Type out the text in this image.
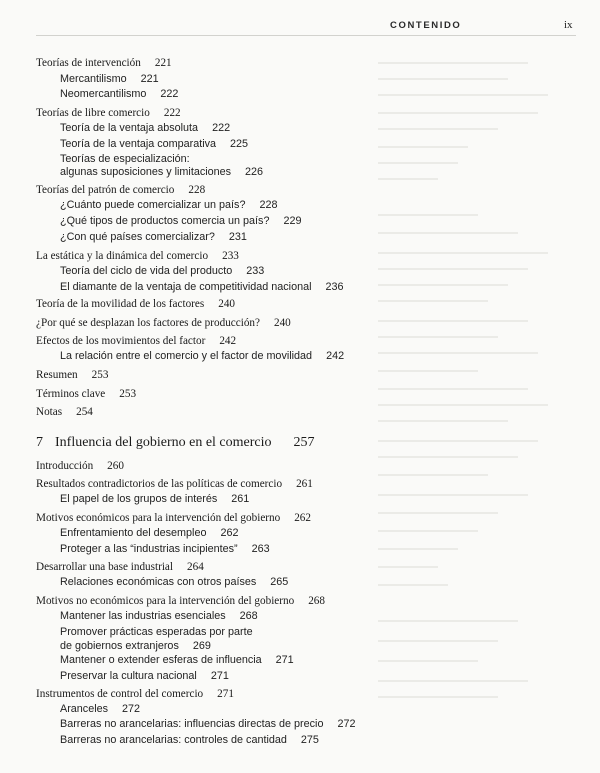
CONTENIDO	ix
Teorías de intervención 221
Mercantilismo 221
Neomercantilismo 222
Teorías de libre comercio 222
Teoría de la ventaja absoluta 222
Teoría de la ventaja comparativa 225
Teorías de especialización:
algunas suposiciones y limitaciones 226
Teorías del patrón de comercio 228
¿Cuánto puede comercializar un país? 228
¿Qué tipos de productos comercia un país? 229
¿Con qué países comercializar? 231
La estática y la dinámica del comercio 233
Teoría del ciclo de vida del producto 233
El diamante de la ventaja de competitividad nacional 236
Teoría de la movilidad de los factores 240
¿Por qué se desplazan los factores de producción? 240
Efectos de los movimientos del factor 242
La relación entre el comercio y el factor de movilidad 242
Resumen 253
Términos clave 253
Notas 254
Introducción 260
Resultados contradictorios de las políticas de comercio 261
El papel de los grupos de interés 261
Motivos económicos para la intervención del gobierno 262
Enfrentamiento del desempleo 262
Proteger a las “industrias incipientes” 263
Desarrollar una base industrial 264
Relaciones económicas con otros países 265
Motivos no económicos para la intervención del gobierno 268
Mantener las industrias esenciales 268
Promover prácticas esperadas por parte
de gobiernos extranjeros 269
Mantener o extender esferas de influencia 271
Preservar la cultura nacional 271
Instrumentos de control del comercio 271
Aranceles 272
Barreras no arancelarias: influencias directas de precio 272
Barreras no arancelarias: controles de cantidad 275
7 Influencia del gobierno en el comercio 257
